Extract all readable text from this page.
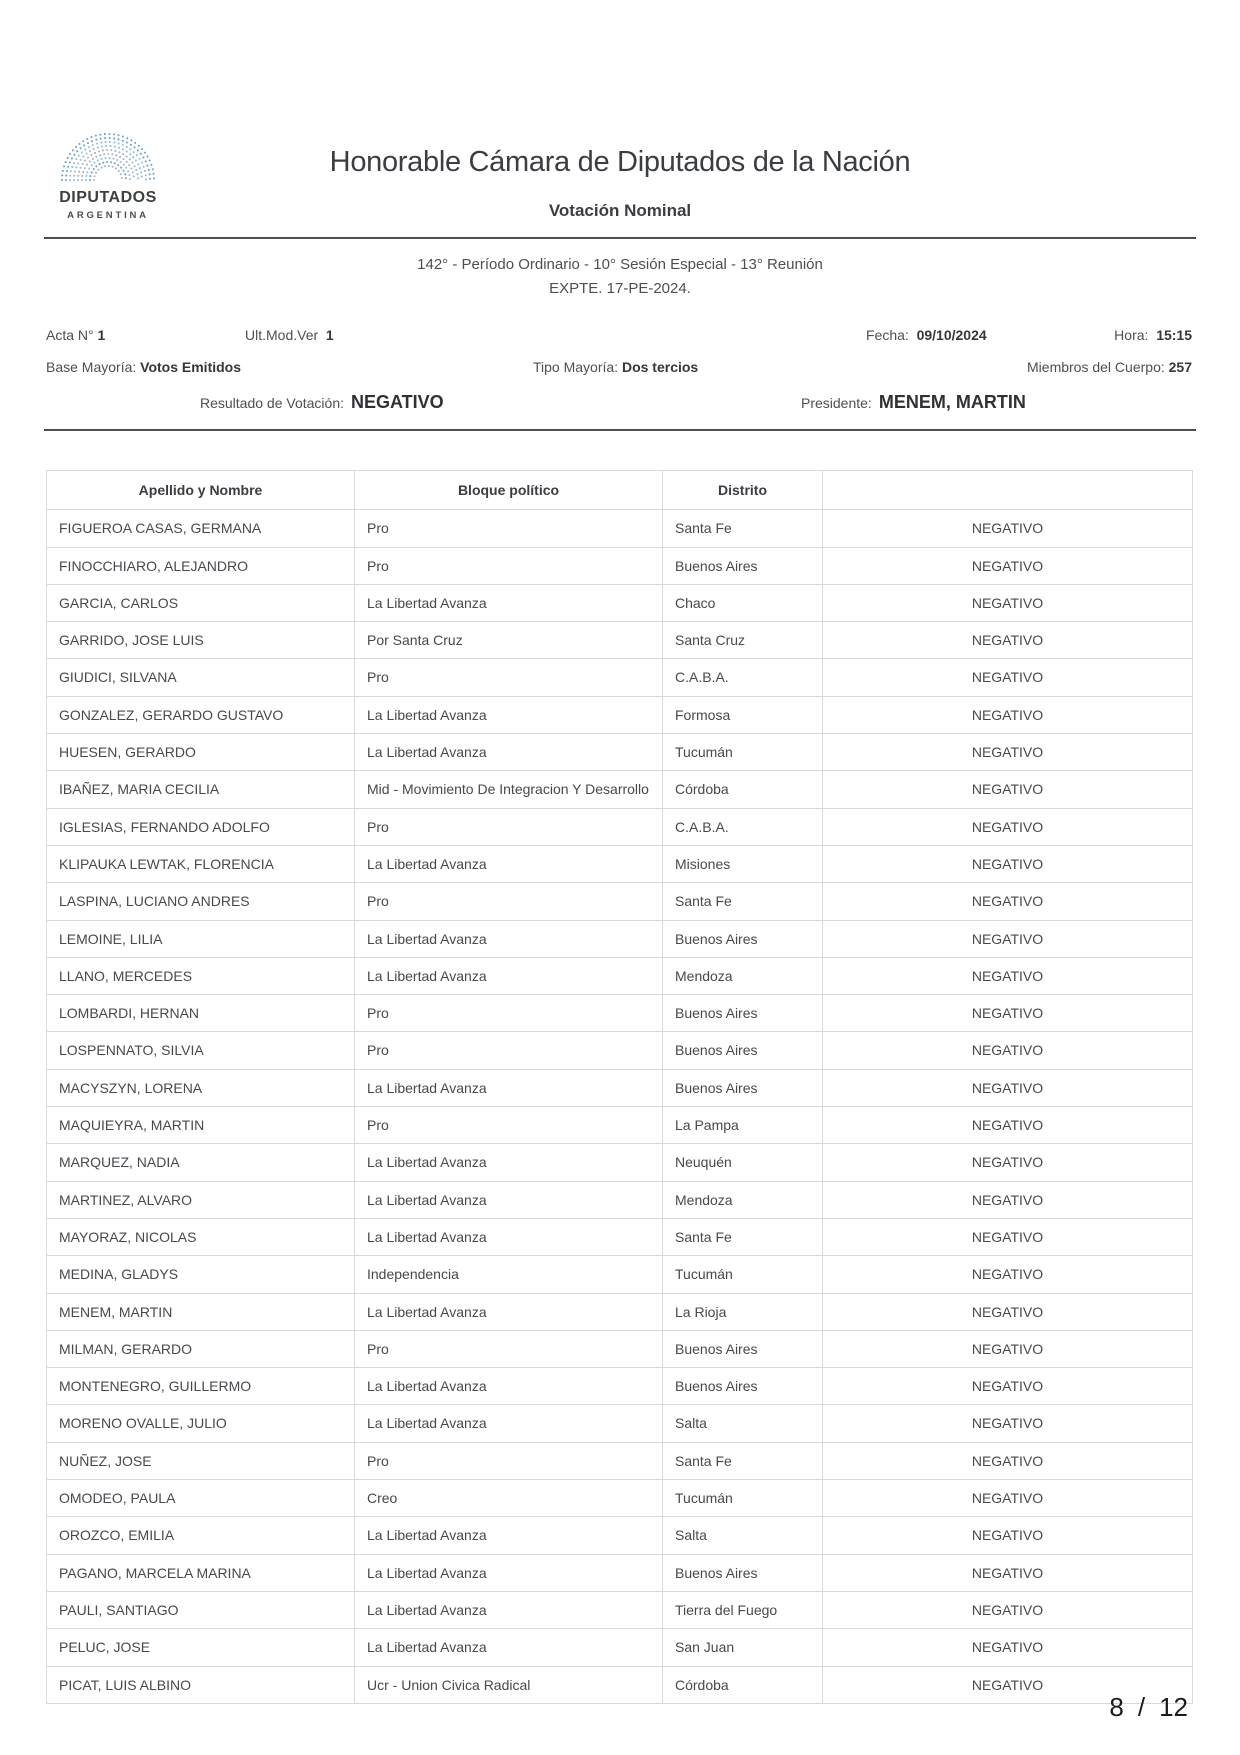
DIPUTADOS
ARGENTINA
Honorable Cámara de Diputados de la Nación
Votación Nominal
142° - Período Ordinario - 10° Sesión Especial - 13° Reunión
EXPTE. 17-PE-2024.
Acta N° 1	Ult.Mod.Ver 1	Fecha: 09/10/2024	Hora: 15:15
Base Mayoría: Votos Emitidos	Tipo Mayoría: Dos tercios	Miembros del Cuerpo: 257
Resultado de Votación: NEGATIVO	Presidente: MENEM, MARTIN
Apellido y Nombre	Bloque político	Distrito	
FIGUEROA CASAS, GERMANA	Pro	Santa Fe	NEGATIVO
FINOCCHIARO, ALEJANDRO	Pro	Buenos Aires	NEGATIVO
GARCIA, CARLOS	La Libertad Avanza	Chaco	NEGATIVO
GARRIDO, JOSE LUIS	Por Santa Cruz	Santa Cruz	NEGATIVO
GIUDICI, SILVANA	Pro	C.A.B.A.	NEGATIVO
GONZALEZ, GERARDO GUSTAVO	La Libertad Avanza	Formosa	NEGATIVO
HUESEN, GERARDO	La Libertad Avanza	Tucumán	NEGATIVO
IBAÑEZ, MARIA CECILIA	Mid - Movimiento De Integracion Y Desarrollo	Córdoba	NEGATIVO
IGLESIAS, FERNANDO ADOLFO	Pro	C.A.B.A.	NEGATIVO
KLIPAUKA LEWTAK, FLORENCIA	La Libertad Avanza	Misiones	NEGATIVO
LASPINA, LUCIANO ANDRES	Pro	Santa Fe	NEGATIVO
LEMOINE, LILIA	La Libertad Avanza	Buenos Aires	NEGATIVO
LLANO, MERCEDES	La Libertad Avanza	Mendoza	NEGATIVO
LOMBARDI, HERNAN	Pro	Buenos Aires	NEGATIVO
LOSPENNATO, SILVIA	Pro	Buenos Aires	NEGATIVO
MACYSZYN, LORENA	La Libertad Avanza	Buenos Aires	NEGATIVO
MAQUIEYRA, MARTIN	Pro	La Pampa	NEGATIVO
MARQUEZ, NADIA	La Libertad Avanza	Neuquén	NEGATIVO
MARTINEZ, ALVARO	La Libertad Avanza	Mendoza	NEGATIVO
MAYORAZ, NICOLAS	La Libertad Avanza	Santa Fe	NEGATIVO
MEDINA, GLADYS	Independencia	Tucumán	NEGATIVO
MENEM, MARTIN	La Libertad Avanza	La Rioja	NEGATIVO
MILMAN, GERARDO	Pro	Buenos Aires	NEGATIVO
MONTENEGRO, GUILLERMO	La Libertad Avanza	Buenos Aires	NEGATIVO
MORENO OVALLE, JULIO	La Libertad Avanza	Salta	NEGATIVO
NUÑEZ, JOSE	Pro	Santa Fe	NEGATIVO
OMODEO, PAULA	Creo	Tucumán	NEGATIVO
OROZCO, EMILIA	La Libertad Avanza	Salta	NEGATIVO
PAGANO, MARCELA MARINA	La Libertad Avanza	Buenos Aires	NEGATIVO
PAULI, SANTIAGO	La Libertad Avanza	Tierra del Fuego	NEGATIVO
PELUC, JOSE	La Libertad Avanza	San Juan	NEGATIVO
PICAT, LUIS ALBINO	Ucr - Union Civica Radical	Córdoba	NEGATIVO
8 / 12
